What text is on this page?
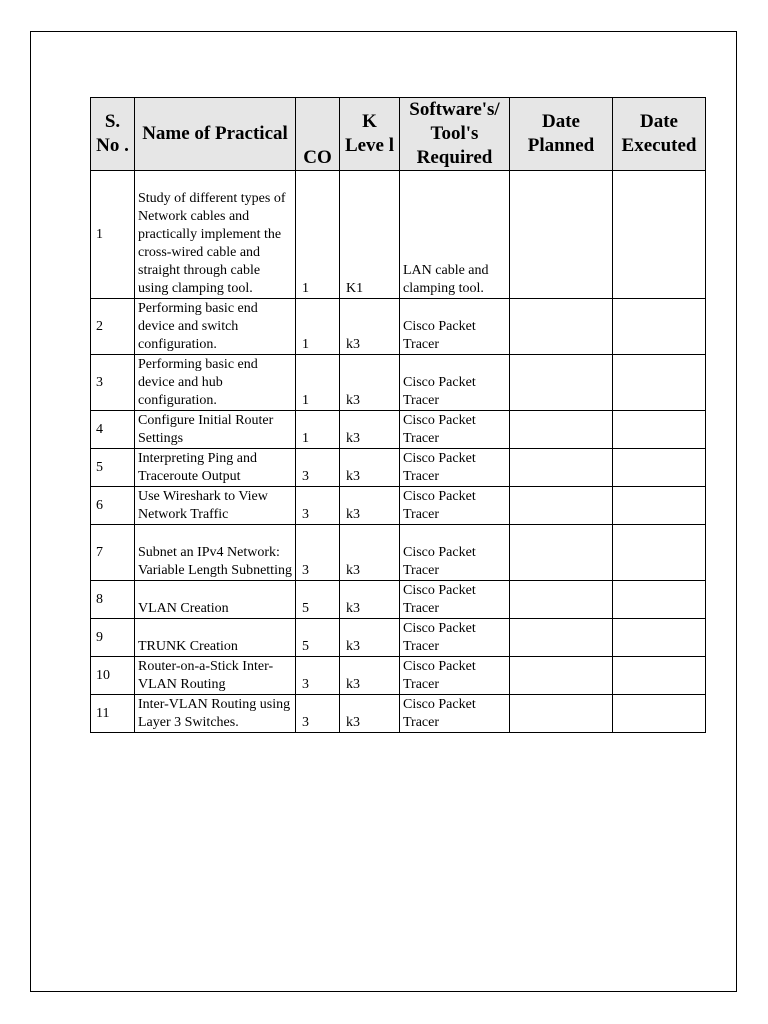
S. No .	Name of Practical	CO	K Leve l	Software's/ Tool's Required	Date Planned	Date Executed
1	Study of different types of Network cables and practically implement the cross-wired cable and straight through cable using clamping tool.	1	K1	LAN cable and clamping tool.		
2	Performing basic end device and switch configuration.	1	k3	Cisco Packet Tracer		
3	Performing basic end device and hub configuration.	1	k3	Cisco Packet Tracer		
4	Configure Initial Router Settings	1	k3	Cisco Packet Tracer		
5	Interpreting Ping and Traceroute Output	3	k3	Cisco Packet Tracer		
6	Use Wireshark to View Network Traffic	3	k3	Cisco Packet Tracer		
7	Subnet an IPv4 Network: Variable Length Subnetting	3	k3	Cisco Packet Tracer		
8	VLAN Creation	5	k3	Cisco Packet Tracer		
9	TRUNK Creation	5	k3	Cisco Packet Tracer		
10	Router-on-a-Stick Inter-VLAN Routing	3	k3	Cisco Packet Tracer		
11	Inter-VLAN Routing using Layer 3 Switches.	3	k3	Cisco Packet Tracer		
